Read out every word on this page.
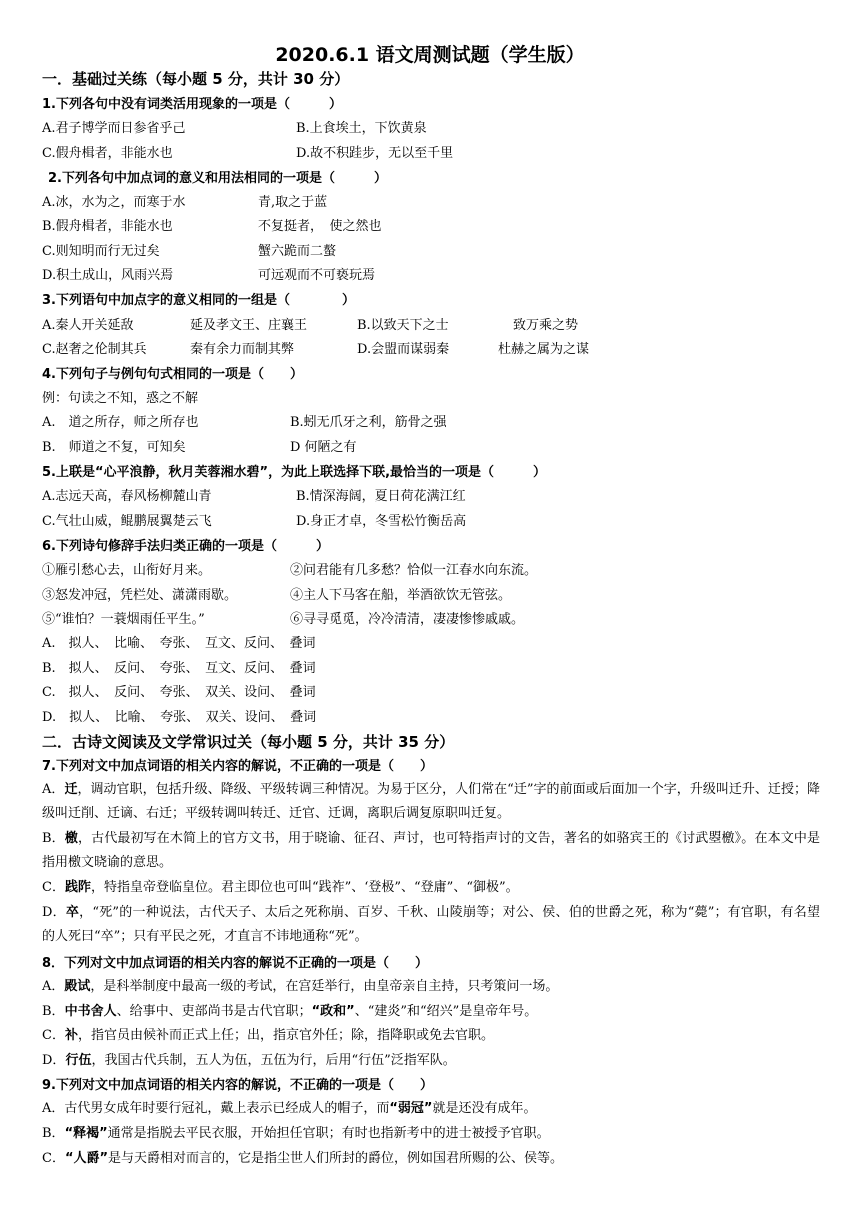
2020.6.1 语文周测试题（学生版）
一．基础过关练（每小题 5 分，共计 30 分）
1.下列各句中没有词类活用现象的一项是（　　　）
A.君子博学而日参省乎己	B.上食埃土，下饮黄泉
C.假舟楫者，非能水也	D.故不积跬步，无以至千里
2.下列各句中加点词的意义和用法相同的一项是（　　　）
A.冰，水为之，而寒于水	青,取之于蓝
B.假舟楫者，非能水也	不复挺者，　使之然也
C.则知明而行无过矣	蟹六跪而二螯
D.积土成山，风雨兴焉	可远观而不可亵玩焉
3.下列语句中加点字的意义相同的一组是（　　　　）
A.秦人开关延敌	延及孝文王、庄襄王	B.以致天下之士	致万乘之势
C.赵奢之伦制其兵	秦有余力而制其弊	D.会盟而谋弱秦	杜赫之属为之谋
4.下列句子与例句句式相同的一项是（　　）
例：句读之不知，惑之不解
A.　道之所存，师之所存也	B.蚓无爪牙之利，筋骨之强
B.　师道之不复，可知矣	D 何陋之有
5.上联是“心平浪静，秋月芙蓉湘水碧”，为此上联选择下联,最恰当的一项是（　　　）
A.志远天高，春风杨柳麓山青	B.情深海阔，夏日荷花满江红
C.气壮山威，鲲鹏展翼楚云飞	D.身正才卓，冬雪松竹衡岳高
6.下列诗句修辞手法归类正确的一项是（　　　）
①雁引愁心去，山衔好月来。	②问君能有几多愁？恰似一江春水向东流。
③怒发冲冠，凭栏处、潇潇雨歇。	④主人下马客在船，举酒欲饮无管弦。
⑤“谁怕？一蓑烟雨任平生。”	⑥寻寻觅觅，冷冷清清，凄凄惨惨戚戚。
A.　拟人、　比喻、　夸张、　互文、反问、　叠词
B.　拟人、　反问、　夸张、　互文、反问、　叠词
C.　拟人、　反问、　夸张、　双关、设问、　叠词
D.　拟人、　比喻、　夸张、　双关、设问、　叠词
二．古诗文阅读及文学常识过关（每小题 5 分，共计 35 分）
7.下列对文中加点词语的相关内容的解说，不正确的一项是（　　）
A．迁，调动官职，包括升级、降级、平级转调三种情况。为易于区分，人们常在“迁”字的前面或后面加一个字，升级叫迁升、迁授；降级叫迁削、迁谪、右迁；平级转调叫转迁、迁官、迁调，离职后调复原职叫迁复。
B．檄，古代最初写在木简上的官方文书，用于晓谕、征召、声讨，也可特指声讨的文告，著名的如骆宾王的《讨武曌檄》。在本文中是指用檄文晓谕的意思。
C．践阼，特指皇帝登临皇位。君主即位也可叫“践祚”、‘登极”、“登庸”、“御极”。
D．卒，“死”的一种说法，古代天子、太后之死称崩、百岁、千秋、山陵崩等；对公、侯、伯的世爵之死，称为“薨”；有官职，有名望的人死曰“卒”；只有平民之死，才直言不讳地通称“死”。
8．下列对文中加点词语的相关内容的解说不正确的一项是（　　）
A．殿试，是科举制度中最高一级的考试，在宫廷举行，由皇帝亲自主持，只考策问一场。
B．中书舍人、给事中、吏部尚书是古代官职；“政和”、“建炎”和“绍兴”是皇帝年号。
C．补，指官员由候补而正式上任；出，指京官外任；除，指降职或免去官职。
D．行伍，我国古代兵制，五人为伍，五伍为行，后用“行伍”泛指军队。
9.下列对文中加点词语的相关内容的解说，不正确的一项是（　　）
A．古代男女成年时要行冠礼，戴上表示已经成人的帽子，而“弱冠”就是还没有成年。
B．“释褐”通常是指脱去平民衣服，开始担任官职；有时也指新考中的进士被授予官职。
C．“人爵”是与天爵相对而言的，它是指尘世人们所封的爵位，例如国君所赐的公、侯等。
